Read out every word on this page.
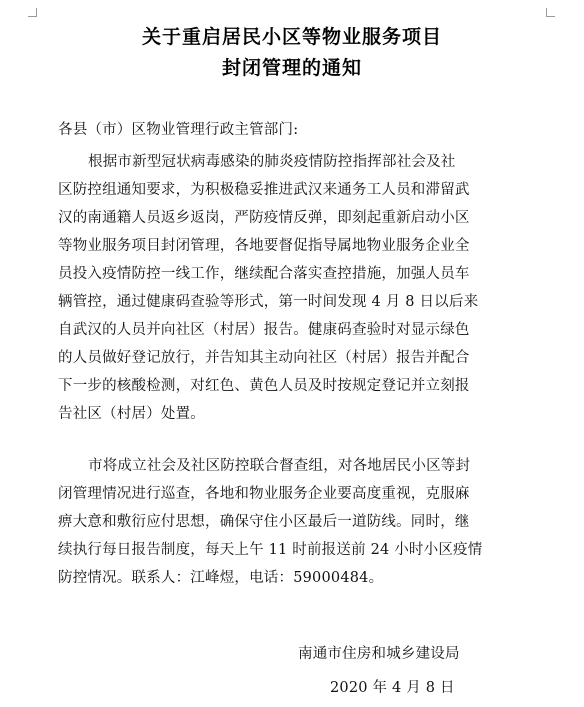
关于重启居民小区等物业服务项目
封闭管理的通知
各县（市）区物业管理行政主管部门:
根据市新型冠状病毒感染的肺炎疫情防控指挥部社会及社
区防控组通知要求，为积极稳妥推进武汉来通务工人员和滞留武
汉的南通籍人员返乡返岗，严防疫情反弹，即刻起重新启动小区
等物业服务项目封闭管理，各地要督促指导属地物业服务企业全
员投入疫情防控一线工作，继续配合落实查控措施，加强人员车
辆管控，通过健康码查验等形式，第一时间发现 4 月 8 日以后来
自武汉的人员并向社区（村居）报告。健康码查验时对显示绿色
的人员做好登记放行，并告知其主动向社区（村居）报告并配合
下一步的核酸检测，对红色、黄色人员及时按规定登记并立刻报
告社区（村居）处置。
市将成立社会及社区防控联合督查组，对各地居民小区等封
闭管理情况进行巡查，各地和物业服务企业要高度重视，克服麻
痹大意和敷衍应付思想，确保守住小区最后一道防线。同时，继
续执行每日报告制度，每天上午 11 时前报送前 24 小时小区疫情
防控情况。联系人：江峰煜，电话：59000484。
南通市住房和城乡建设局
2020 年 4 月 8 日
